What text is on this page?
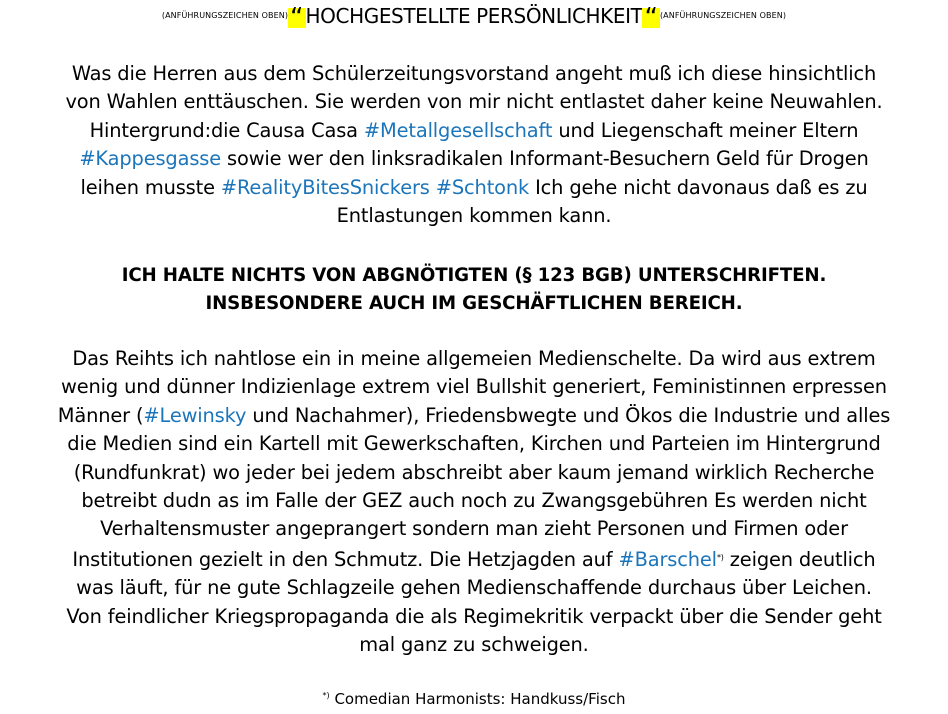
$^{(ANFÜHRUNGSZEICHEN OBEN)}$“ HOCHGESTELLTE PERSÖNLICHKEIT“ $^{(ANFÜHRUNGSZEICHEN OBEN)}$
Was die Herren aus dem Schülerzeitungsvorstand angeht muß ich diese hinsichtlich
von Wahlen enttäuschen. Sie werden von mir nicht entlastet daher keine Neuwahlen.
Hintergrund:die Causa Casa #Metallgesellschaft und Liegenschaft meiner Eltern
#Kappesgasse sowie wer den linksradikalen Informant-Besuchern Geld für Drogen
leihen musste #RealityBitesSnickers #Schtonk Ich gehe nicht davonaus daß es zu
Entlastungen kommen kann.
ICH HALTE NICHTS VON ABGNÖTIGTEN (§ 123 BGB) UNTERSCHRIFTEN.
INSBESONDERE AUCH IM GESCHÄFTLICHEN BEREICH.
Das Reihts ich nahtlose ein in meine allgemeien Medienschelte. Da wird aus extrem
wenig und dünner Indizienlage extrem viel Bullshit generiert, Feministinnen erpressen
Männer (#Lewinsky und Nachahmer), Friedensbwegte und Ökos die Industrie und alles
die Medien sind ein Kartell mit Gewerkschaften, Kirchen und Parteien im Hintergrund
(Rundfunkrat) wo jeder bei jedem abschreibt aber kaum jemand wirklich Recherche
betreibt dudn as im Falle der GEZ auch noch zu Zwangsgebühren Es werden nicht
Verhaltensmuster angeprangert sondern man zieht Personen und Firmen oder
Institutionen gezielt in den Schmutz. Die Hetzjagden auf #Barschel*) zeigen deutlich
was läuft, für ne gute Schlagzeile gehen Medienschaffende durchaus über Leichen.
Von feindlicher Kriegspropaganda die als Regimekritik verpackt über die Sender geht
mal ganz zu schweigen.
*) Comedian Harmonists: Handkuss/Fisch
